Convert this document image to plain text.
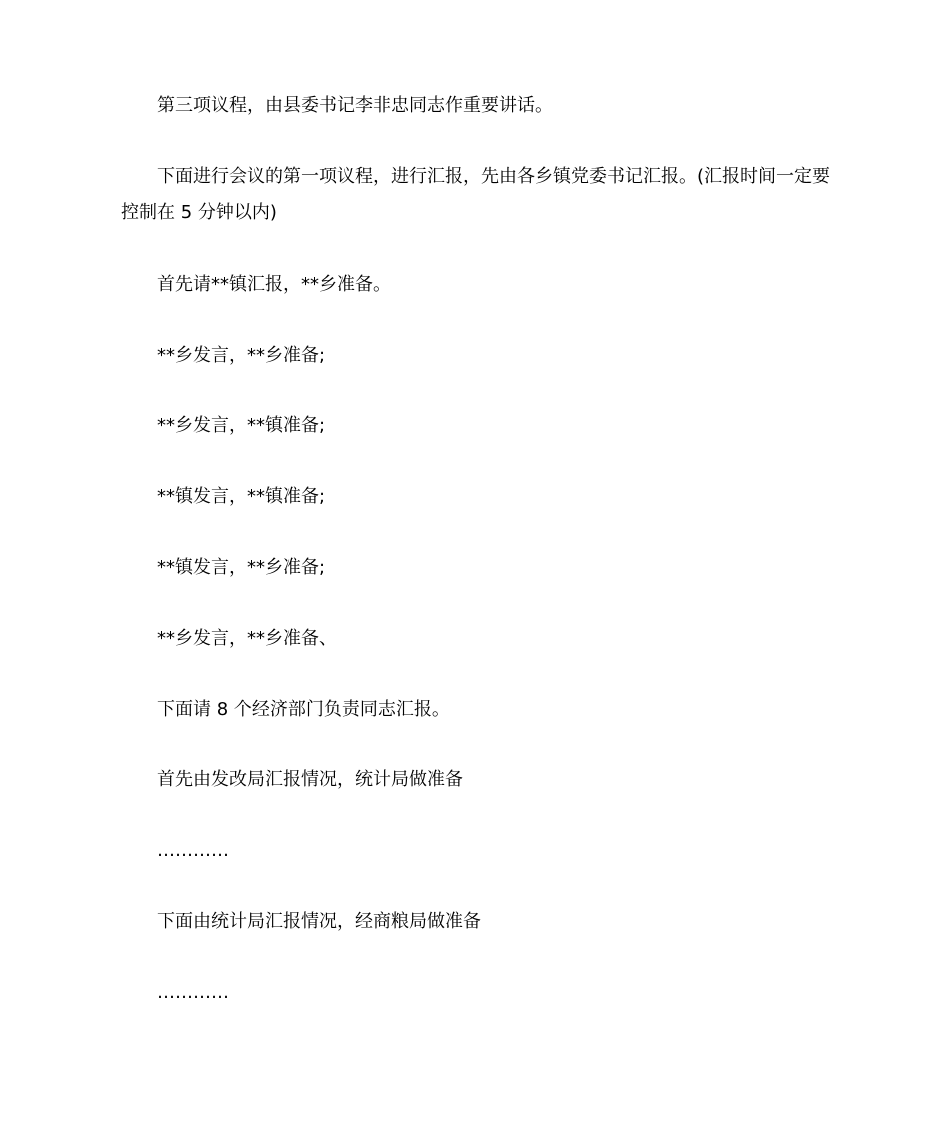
第三项议程，由县委书记李非忠同志作重要讲话。

下面进行会议的第一项议程，进行汇报，先由各乡镇党委书记汇报。(汇报时间一定要控制在 5 分钟以内)

首先请**镇汇报，**乡准备。

**乡发言，**乡准备;

**乡发言，**镇准备;

**镇发言，**镇准备;

**镇发言，**乡准备;

**乡发言，**乡准备、

下面请 8 个经济部门负责同志汇报。

首先由发改局汇报情况，统计局做准备

…………

下面由统计局汇报情况，经商粮局做准备

…………
